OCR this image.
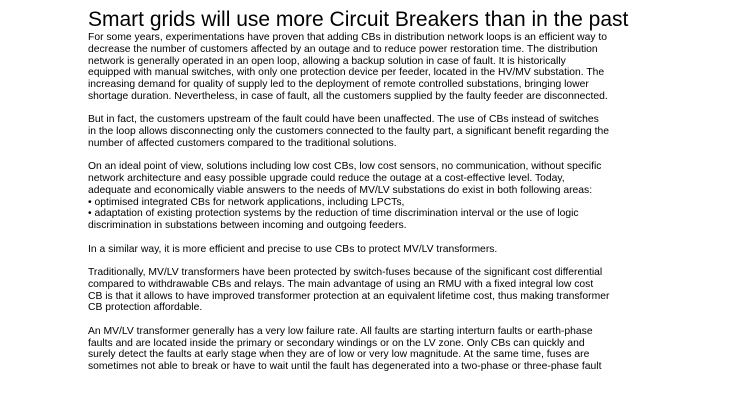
Smart grids will use more Circuit Breakers than in the past

For some years, experimentations have proven that adding CBs in distribution network loops is an efficient way to
decrease the number of customers affected by an outage and to reduce power restoration time. The distribution
network is generally operated in an open loop, allowing a backup solution in case of fault. It is historically
equipped with manual switches, with only one protection device per feeder, located in the HV/MV substation. The
increasing demand for quality of supply led to the deployment of remote controlled substations, bringing lower
shortage duration. Nevertheless, in case of fault, all the customers supplied by the faulty feeder are disconnected.

But in fact, the customers upstream of the fault could have been unaffected. The use of CBs instead of switches
in the loop allows disconnecting only the customers connected to the faulty part, a significant benefit regarding the
number of affected customers compared to the traditional solutions.

On an ideal point of view, solutions including low cost CBs, low cost sensors, no communication, without specific
network architecture and easy possible upgrade could reduce the outage at a cost-effective level. Today,
adequate and economically viable answers to the needs of MV/LV substations do exist in both following areas:
• optimised integrated CBs for network applications, including LPCTs,
• adaptation of existing protection systems by the reduction of time discrimination interval or the use of logic
discrimination in substations between incoming and outgoing feeders.

In a similar way, it is more efficient and precise to use CBs to protect MV/LV transformers.

Traditionally, MV/LV transformers have been protected by switch-fuses because of the significant cost differential
compared to withdrawable CBs and relays. The main advantage of using an RMU with a fixed integral low cost
CB is that it allows to have improved transformer protection at an equivalent lifetime cost, thus making transformer
CB protection affordable.

An MV/LV transformer generally has a very low failure rate. All faults are starting interturn faults or earth-phase
faults and are located inside the primary or secondary windings or on the LV zone. Only CBs can quickly and
surely detect the faults at early stage when they are of low or very low magnitude. At the same time, fuses are
sometimes not able to break or have to wait until the fault has degenerated into a two-phase or three-phase fault
